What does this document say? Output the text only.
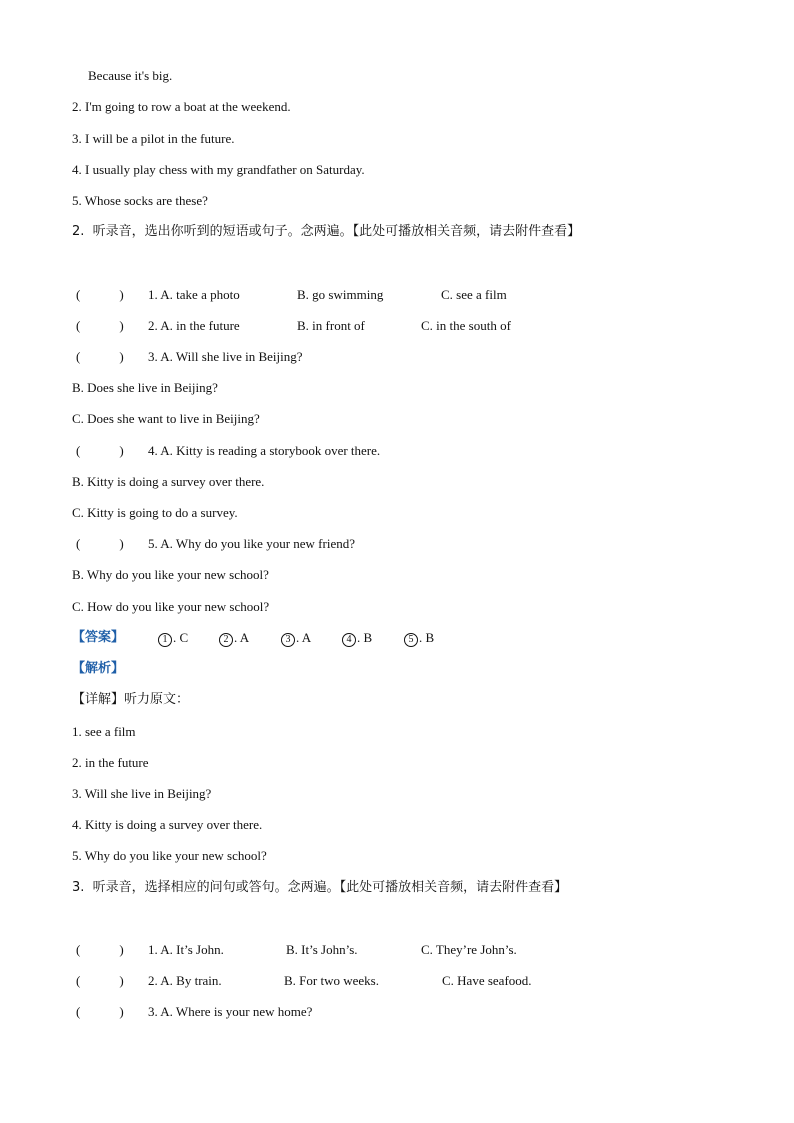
Because it's big.
2. I'm going to row a boat at the weekend.
3. I will be a pilot in the future.
4. I usually play chess with my grandfather on Saturday.
5. Whose socks are these?
2.  听录音，选出你听到的短语或句子。念两遍。【此处可播放相关音频，请去附件查看】
(            ) 1. A. take a photo	B. go swimming	C. see a film
(            ) 2. A. in the future	B. in front of	C. in the south of
(            ) 3. A. Will she live in Beijing?
B. Does she live in Beijing?
C. Does she want to live in Beijing?
(            ) 4. A. Kitty is reading a storybook over there.
B. Kitty is doing a survey over there.
C. Kitty is going to do a survey.
(            ) 5. A. Why do you like your new friend?
B. Why do you like your new school?
C. How do you like your new school?
【答案】	1 . C	2 . A	3 . A	4 . B	5 . B
【解析】
【详解】听力原文：
1. see a film
2. in the future
3. Will she live in Beijing?
4. Kitty is doing a survey over there.
5. Why do you like your new school?
3.  听录音，选择相应的问句或答句。念两遍。【此处可播放相关音频，请去附件查看】
(            ) 1. A. It’s John.	B. It’s John’s.	C. They’re John’s.
(            ) 2. A. By train.	B. For two weeks.	C. Have seafood.
(            ) 3. A. Where is your new home?
